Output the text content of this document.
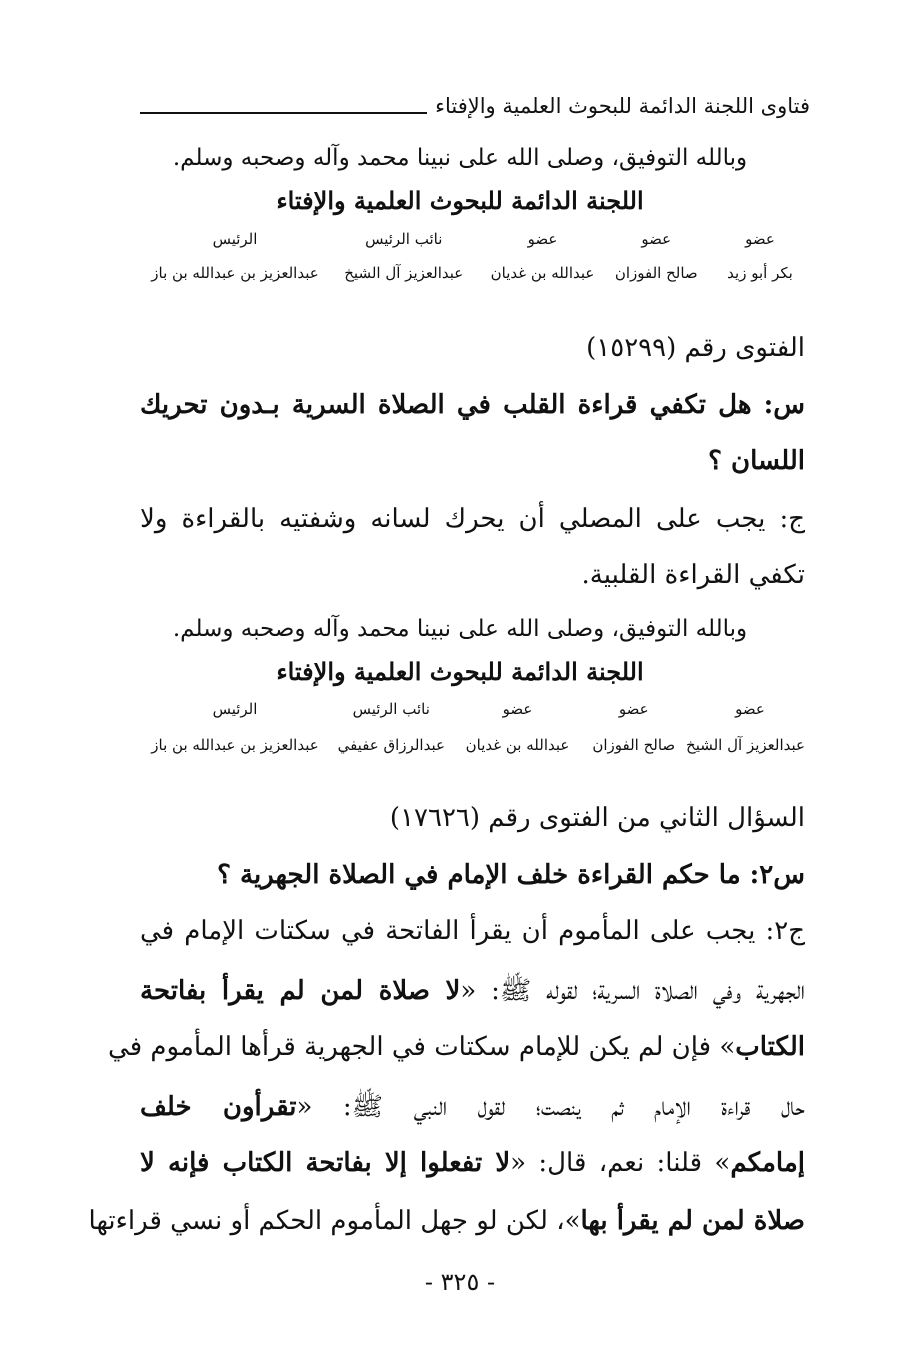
فتاوى اللجنة الدائمة للبحوث العلمية والإفتاء
وبالله التوفيق، وصلى الله على نبينا محمد وآله وصحبه وسلم.
اللجنة الدائمة للبحوث العلمية والإفتاء
عضو
عضو
عضو
نائب الرئيس
الرئيس
بكر أبو زيد
صالح الفوزان
عبدالله بن غديان
عبدالعزيز آل الشيخ
عبدالعزيز بن عبدالله بن باز
الفتوى رقم (١٥٢٩٩)
س: هل تكفي قراءة القلب في الصلاة السرية بـدون تحريك
اللسان ؟
ج: يجب على المصلي أن يحرك لسانه وشفتيه بالقراءة ولا
تكفي القراءة القلبية.
وبالله التوفيق، وصلى الله على نبينا محمد وآله وصحبه وسلم.
اللجنة الدائمة للبحوث العلمية والإفتاء
عضو
عضو
عضو
نائب الرئيس
الرئيس
عبدالعزيز آل الشيخ
صالح الفوزان
عبدالله بن غديان
عبدالرزاق عفيفي
عبدالعزيز بن عبدالله بن باز
السؤال الثاني من الفتوى رقم (١٧٦٢٦)
س٢: ما حكم القراءة خلف الإمام في الصلاة الجهرية ؟
ج٢: يجب على المأموم أن يقرأ الفاتحة في سكتات الإمام في
الجهرية وفي الصلاة السرية؛ لقوله ﷺ: «لا صلاة لمن لم يقرأ بفاتحة
الكتاب» فإن لم يكن للإمام سكتات في الجهرية قرأها المأموم في
حال قراءة الإمام ثم ينصت؛ لقول النبي ﷺ: «تقرأون خلف
إمامكم» قلنا: نعم، قال: «لا تفعلوا إلا بفاتحة الكتاب فإنه لا
صلاة لمن لم يقرأ بها»، لكن لو جهل المأموم الحكم أو نسي قراءتها
- ٣٢٥ -
